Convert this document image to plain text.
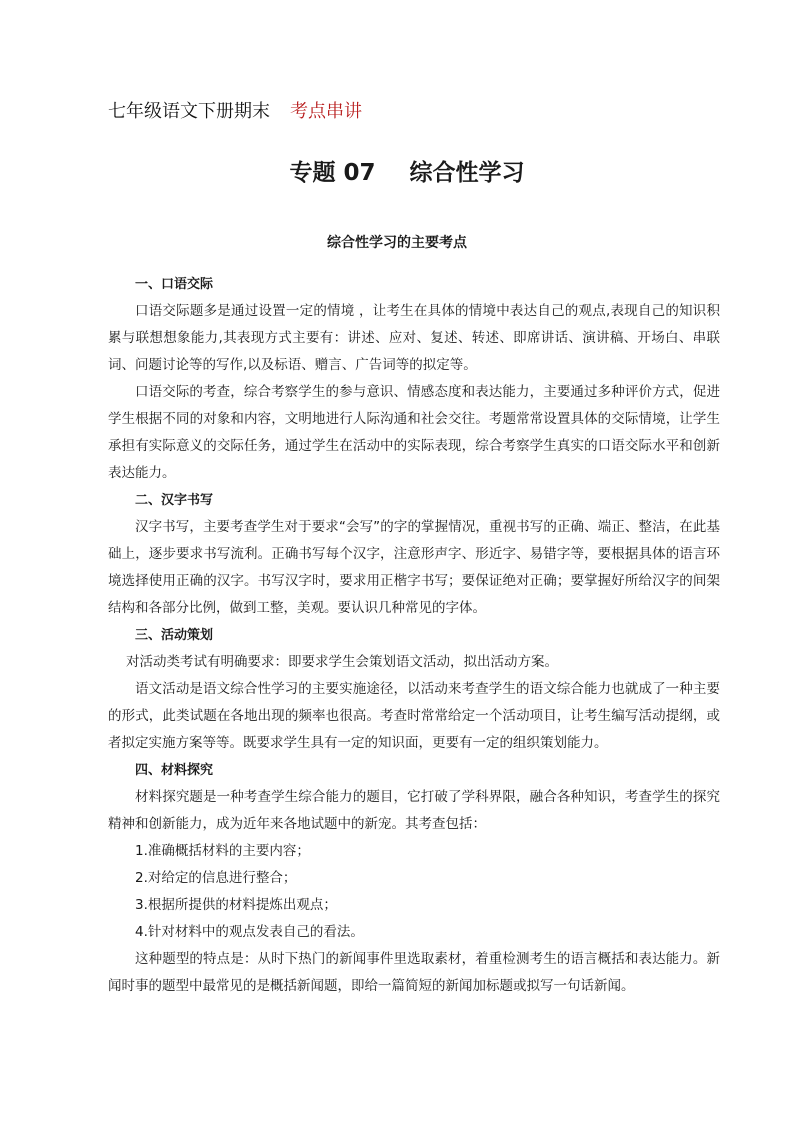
七年级语文下册期末 考点串讲
专题 07 综合性学习
综合性学习的主要考点

一、口语交际

口语交际题多是通过设置一定的情境 ，让考生在具体的情境中表达自己的观点,表现自己的知识积累与联想想象能力,其表现方式主要有：讲述、应对、复述、转述、即席讲话、演讲稿、开场白、串联词、问题讨论等的写作,以及标语、赠言、广告词等的拟定等。

口语交际的考查，综合考察学生的参与意识、情感态度和表达能力，主要通过多种评价方式，促进学生根据不同的对象和内容，文明地进行人际沟通和社会交往。考题常常设置具体的交际情境，让学生承担有实际意义的交际任务，通过学生在活动中的实际表现，综合考察学生真实的口语交际水平和创新表达能力。

二、汉字书写

汉字书写，主要考查学生对于要求“会写”的字的掌握情况，重视书写的正确、端正、整洁，在此基础上，逐步要求书写流利。正确书写每个汉字，注意形声字、形近字、易错字等，要根据具体的语言环境选择使用正确的汉字。书写汉字时，要求用正楷字书写；要保证绝对正确；要掌握好所给汉字的间架结构和各部分比例，做到工整，美观。要认识几种常见的字体。

三、活动策划

对活动类考试有明确要求：即要求学生会策划语文活动，拟出活动方案。

语文活动是语文综合性学习的主要实施途径，以活动来考查学生的语文综合能力也就成了一种主要的形式，此类试题在各地出现的频率也很高。考查时常常给定一个活动项目，让考生编写活动提纲，或者拟定实施方案等等。既要求学生具有一定的知识面，更要有一定的组织策划能力。

四、材料探究

材料探究题是一种考查学生综合能力的题目，它打破了学科界限，融合各种知识，考查学生的探究精神和创新能力，成为近年来各地试题中的新宠。其考查包括：

1.准确概括材料的主要内容；

2.对给定的信息进行整合；

3.根据所提供的材料提炼出观点；

4.针对材料中的观点发表自己的看法。

这种题型的特点是：从时下热门的新闻事件里选取素材，着重检测考生的语言概括和表达能力。新闻时事的题型中最常见的是概括新闻题，即给一篇简短的新闻加标题或拟写一句话新闻。
